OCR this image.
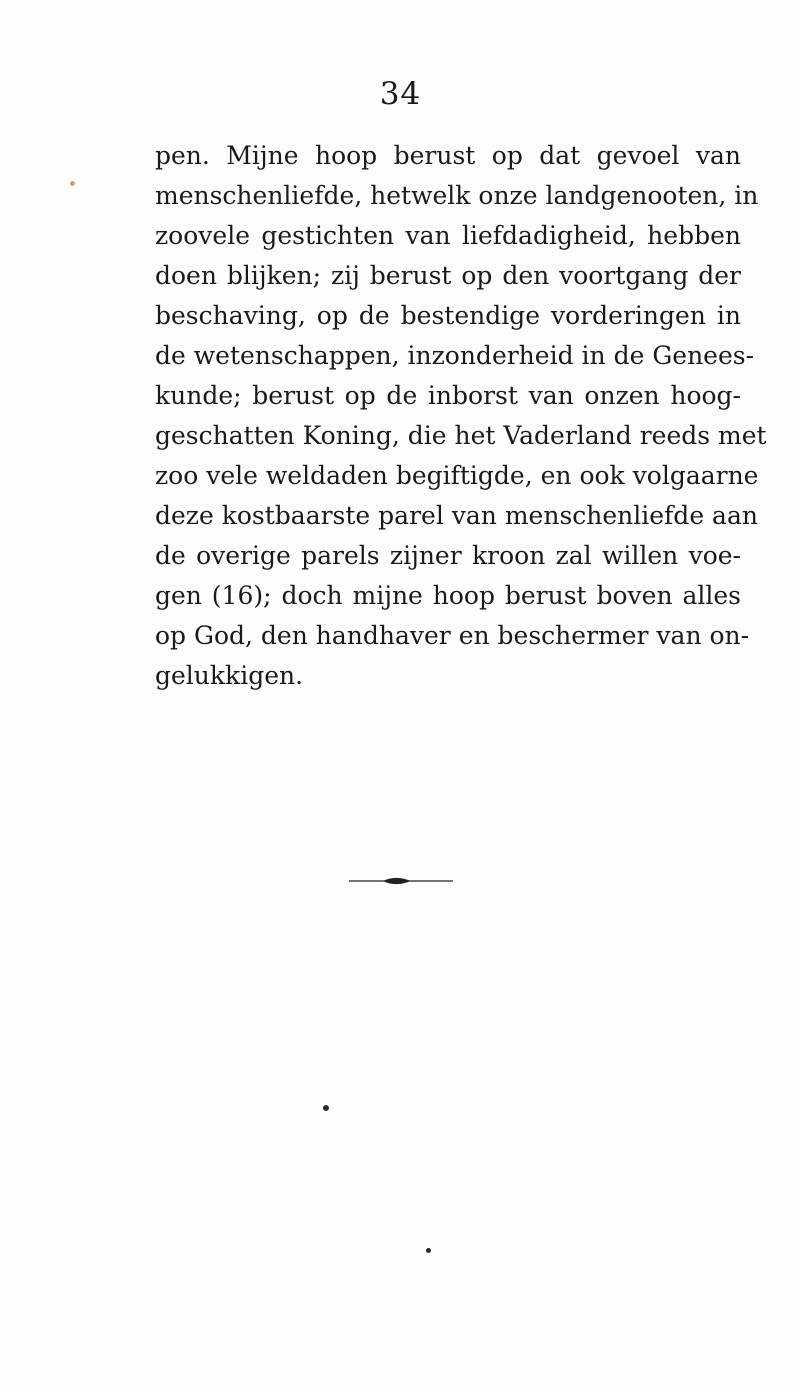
34
pen. Mijne hoop berust op dat gevoel van
menschenliefde, hetwelk onze landgenooten, in
zoovele gestichten van liefdadigheid, hebben
doen blijken; zij berust op den voortgang der
beschaving, op de bestendige vorderingen in
de wetenschappen, inzonderheid in de Genees-
kunde; berust op de inborst van onzen hoog-
geschatten Koning, die het Vaderland reeds met
zoo vele weldaden begiftigde, en ook volgaarne
deze kostbaarste parel van menschenliefde aan
de overige parels zijner kroon zal willen voe-
gen (16); doch mijne hoop berust boven alles
op God, den handhaver en beschermer van on-
gelukkigen.
